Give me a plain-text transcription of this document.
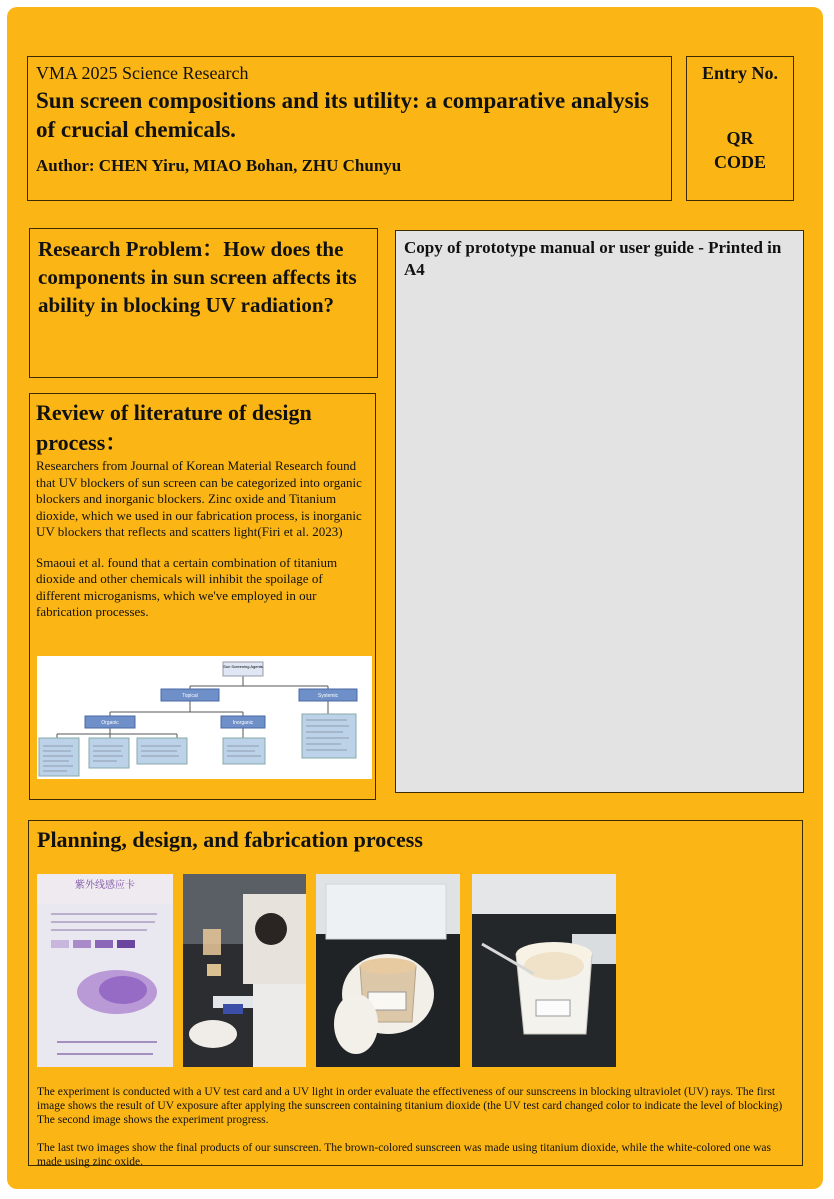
VMA 2025 Science Research
Sun screen compositions and its utility: a comparative analysis of crucial chemicals.
Author: CHEN Yiru, MIAO Bohan, ZHU Chunyu
Entry No.
QR
CODE
Research Problem：How does the components in sun screen affects its ability in blocking UV radiation?
Review of literature of design process：

Researchers from Journal of Korean Material Research found that UV blockers of sun screen can be categorized into organic blockers and inorganic blockers. Zinc oxide and Titanium dioxide, which we used in our fabrication process, is inorganic UV blockers that reflects and scatters light(Firi et al. 2023)

Smaoui et al. found that a certain combination of titanium dioxide and other chemicals will inhibit the spoilage of different microganisms, which we've employed in our fabrication processes.

Sun Screening Agents
Topical	Systemic
Organic	Inorganic
Copy of prototype manual or user guide - Printed in A4
Planning, design, and fabrication process
紫外线感应卡

The experiment is conducted with a UV test card and a UV light in order evaluate the effectiveness of our sunscreens in blocking ultraviolet (UV) rays. The first image shows the result of UV exposure after applying the sunscreen containing titanium dioxide (the UV test card changed color to indicate the level of blocking) The second image shows the experiment progress.

The last two images show the final products of our sunscreen. The brown-colored sunscreen was made using titanium dioxide, while the white-colored one was made using zinc oxide.
